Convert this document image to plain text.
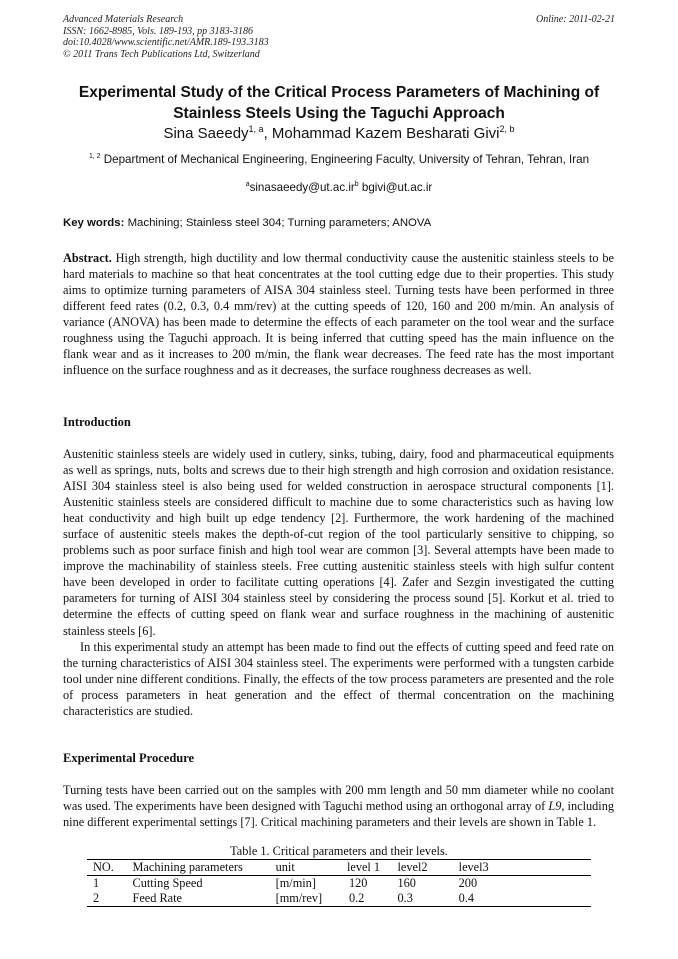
Advanced Materials Research
ISSN: 1662-8985, Vols. 189-193, pp 3183-3186
doi:10.4028/www.scientific.net/AMR.189-193.3183
© 2011 Trans Tech Publications Ltd, Switzerland
Online: 2011-02-21
Experimental Study of the Critical Process Parameters of Machining of
Stainless Steels Using the Taguchi Approach
Sina Saeedy$^{1, a}$, Mohammad Kazem Besharati Givi$^{2, b}$
$^{1, 2}$ Department of Mechanical Engineering, Engineering Faculty, University of Tehran, Tehran, Iran
$^asinasaeedy@ut.ac.ir^b$ bgivi@ut.ac.ir
Key words: Machining; Stainless steel 304; Turning parameters; ANOVA
Abstract. High strength, high ductility and low thermal conductivity cause the austenitic stainless steels to be hard materials to machine so that heat concentrates at the tool cutting edge due to their properties. This study aims to optimize turning parameters of AISA 304 stainless steel. Turning tests have been performed in three different feed rates (0.2, 0.3, 0.4 mm/rev) at the cutting speeds of 120, 160 and 200 m/min. An analysis of variance (ANOVA) has been made to determine the effects of each parameter on the tool wear and the surface roughness using the Taguchi approach. It is being inferred that cutting speed has the main influence on the flank wear and as it increases to 200 m/min, the flank wear decreases. The feed rate has the most important influence on the surface roughness and as it decreases, the surface roughness decreases as well.
Introduction

Austenitic stainless steels are widely used in cutlery, sinks, tubing, dairy, food and pharmaceutical equipments as well as springs, nuts, bolts and screws due to their high strength and high corrosion and oxidation resistance. AISI 304 stainless steel is also being used for welded construction in aerospace structural components [1]. Austenitic stainless steels are considered difficult to machine due to some characteristics such as having low heat conductivity and high built up edge tendency [2]. Furthermore, the work hardening of the machined surface of austenitic steels makes the depth-of-cut region of the tool particularly sensitive to chipping, so problems such as poor surface finish and high tool wear are common [3]. Several attempts have been made to improve the machinability of stainless steels. Free cutting austenitic stainless steels with high sulfur content have been developed in order to facilitate cutting operations [4]. Zafer and Sezgin investigated the cutting parameters for turning of AISI 304 stainless steel by considering the process sound [5]. Korkut et al. tried to determine the effects of cutting speed on flank wear and surface roughness in the machining of austenitic stainless steels [6].

In this experimental study an attempt has been made to find out the effects of cutting speed and feed rate on the turning characteristics of AISI 304 stainless steel. The experiments were performed with a tungsten carbide tool under nine different conditions. Finally, the effects of the tow process parameters are presented and the role of process parameters in heat generation and the effect of thermal concentration on the machining characteristics are studied.

Experimental Procedure
Turning tests have been carried out on the samples with 200 mm length and 50 mm diameter while no coolant was used. The experiments have been designed with Taguchi method using an orthogonal array of L9, including nine different experimental settings [7]. Critical machining parameters and their levels are shown in Table 1.
Table 1. Critical parameters and their levels.
NO.	Machining parameters	unit	level 1	level2	level3
1	Cutting Speed	[m/min]	120	160	200
2	Feed Rate	[mm/rev]	0.2	0.3	0.4
